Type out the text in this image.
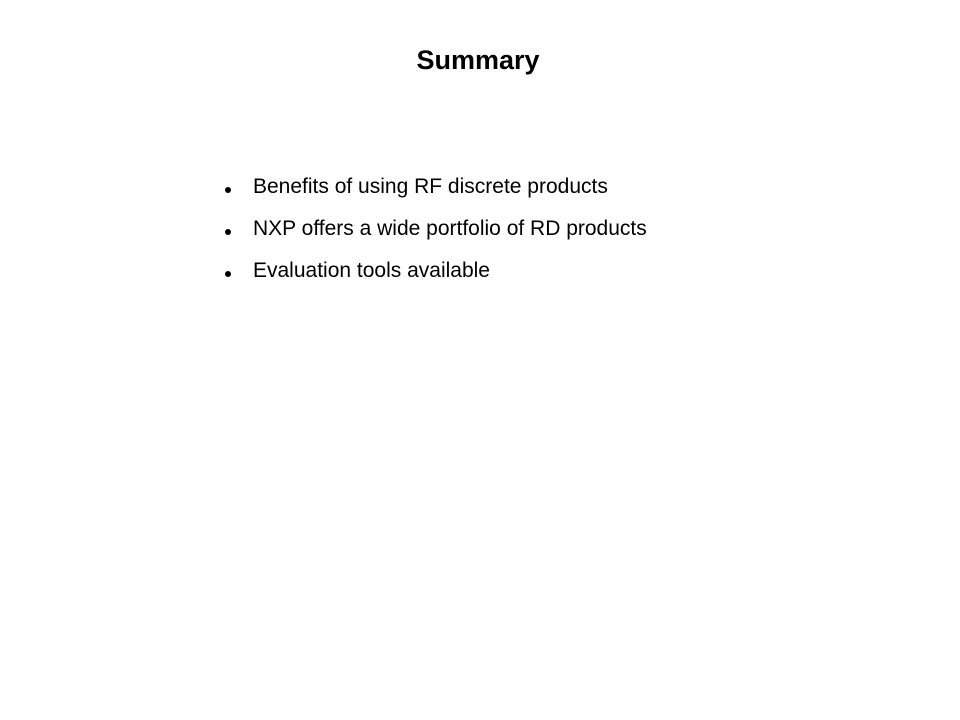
Summary
Benefits of using RF discrete products
NXP offers a wide portfolio of RD products
Evaluation tools available
